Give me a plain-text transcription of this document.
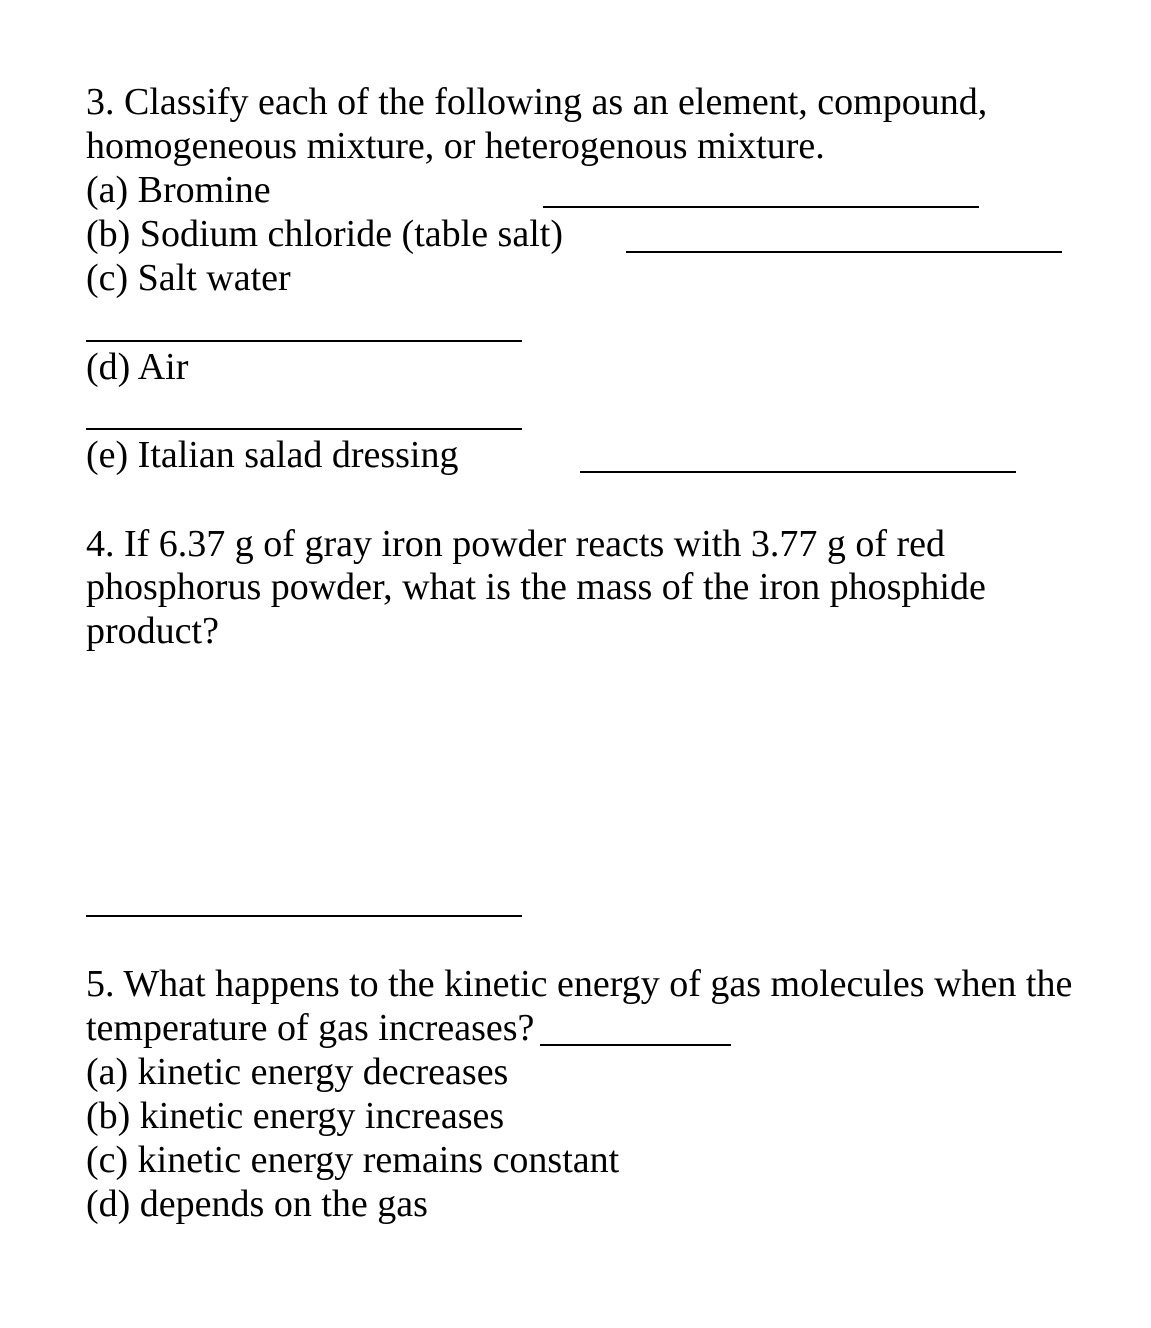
3. Classify each of the following as an element, compound,

homogeneous mixture, or heterogenous mixture.

(a) Bromine

(b) Sodium chloride (table salt)

(c) Salt water

(d) Air

(e) Italian salad dressing

4. If 6.37 g of gray iron powder reacts with 3.77 g of red

phosphorus powder, what is the mass of the iron phosphide

product?

5. What happens to the kinetic energy of gas molecules when the

temperature of gas increases?

(a) kinetic energy decreases

(b) kinetic energy increases

(c) kinetic energy remains constant

(d) depends on the gas
